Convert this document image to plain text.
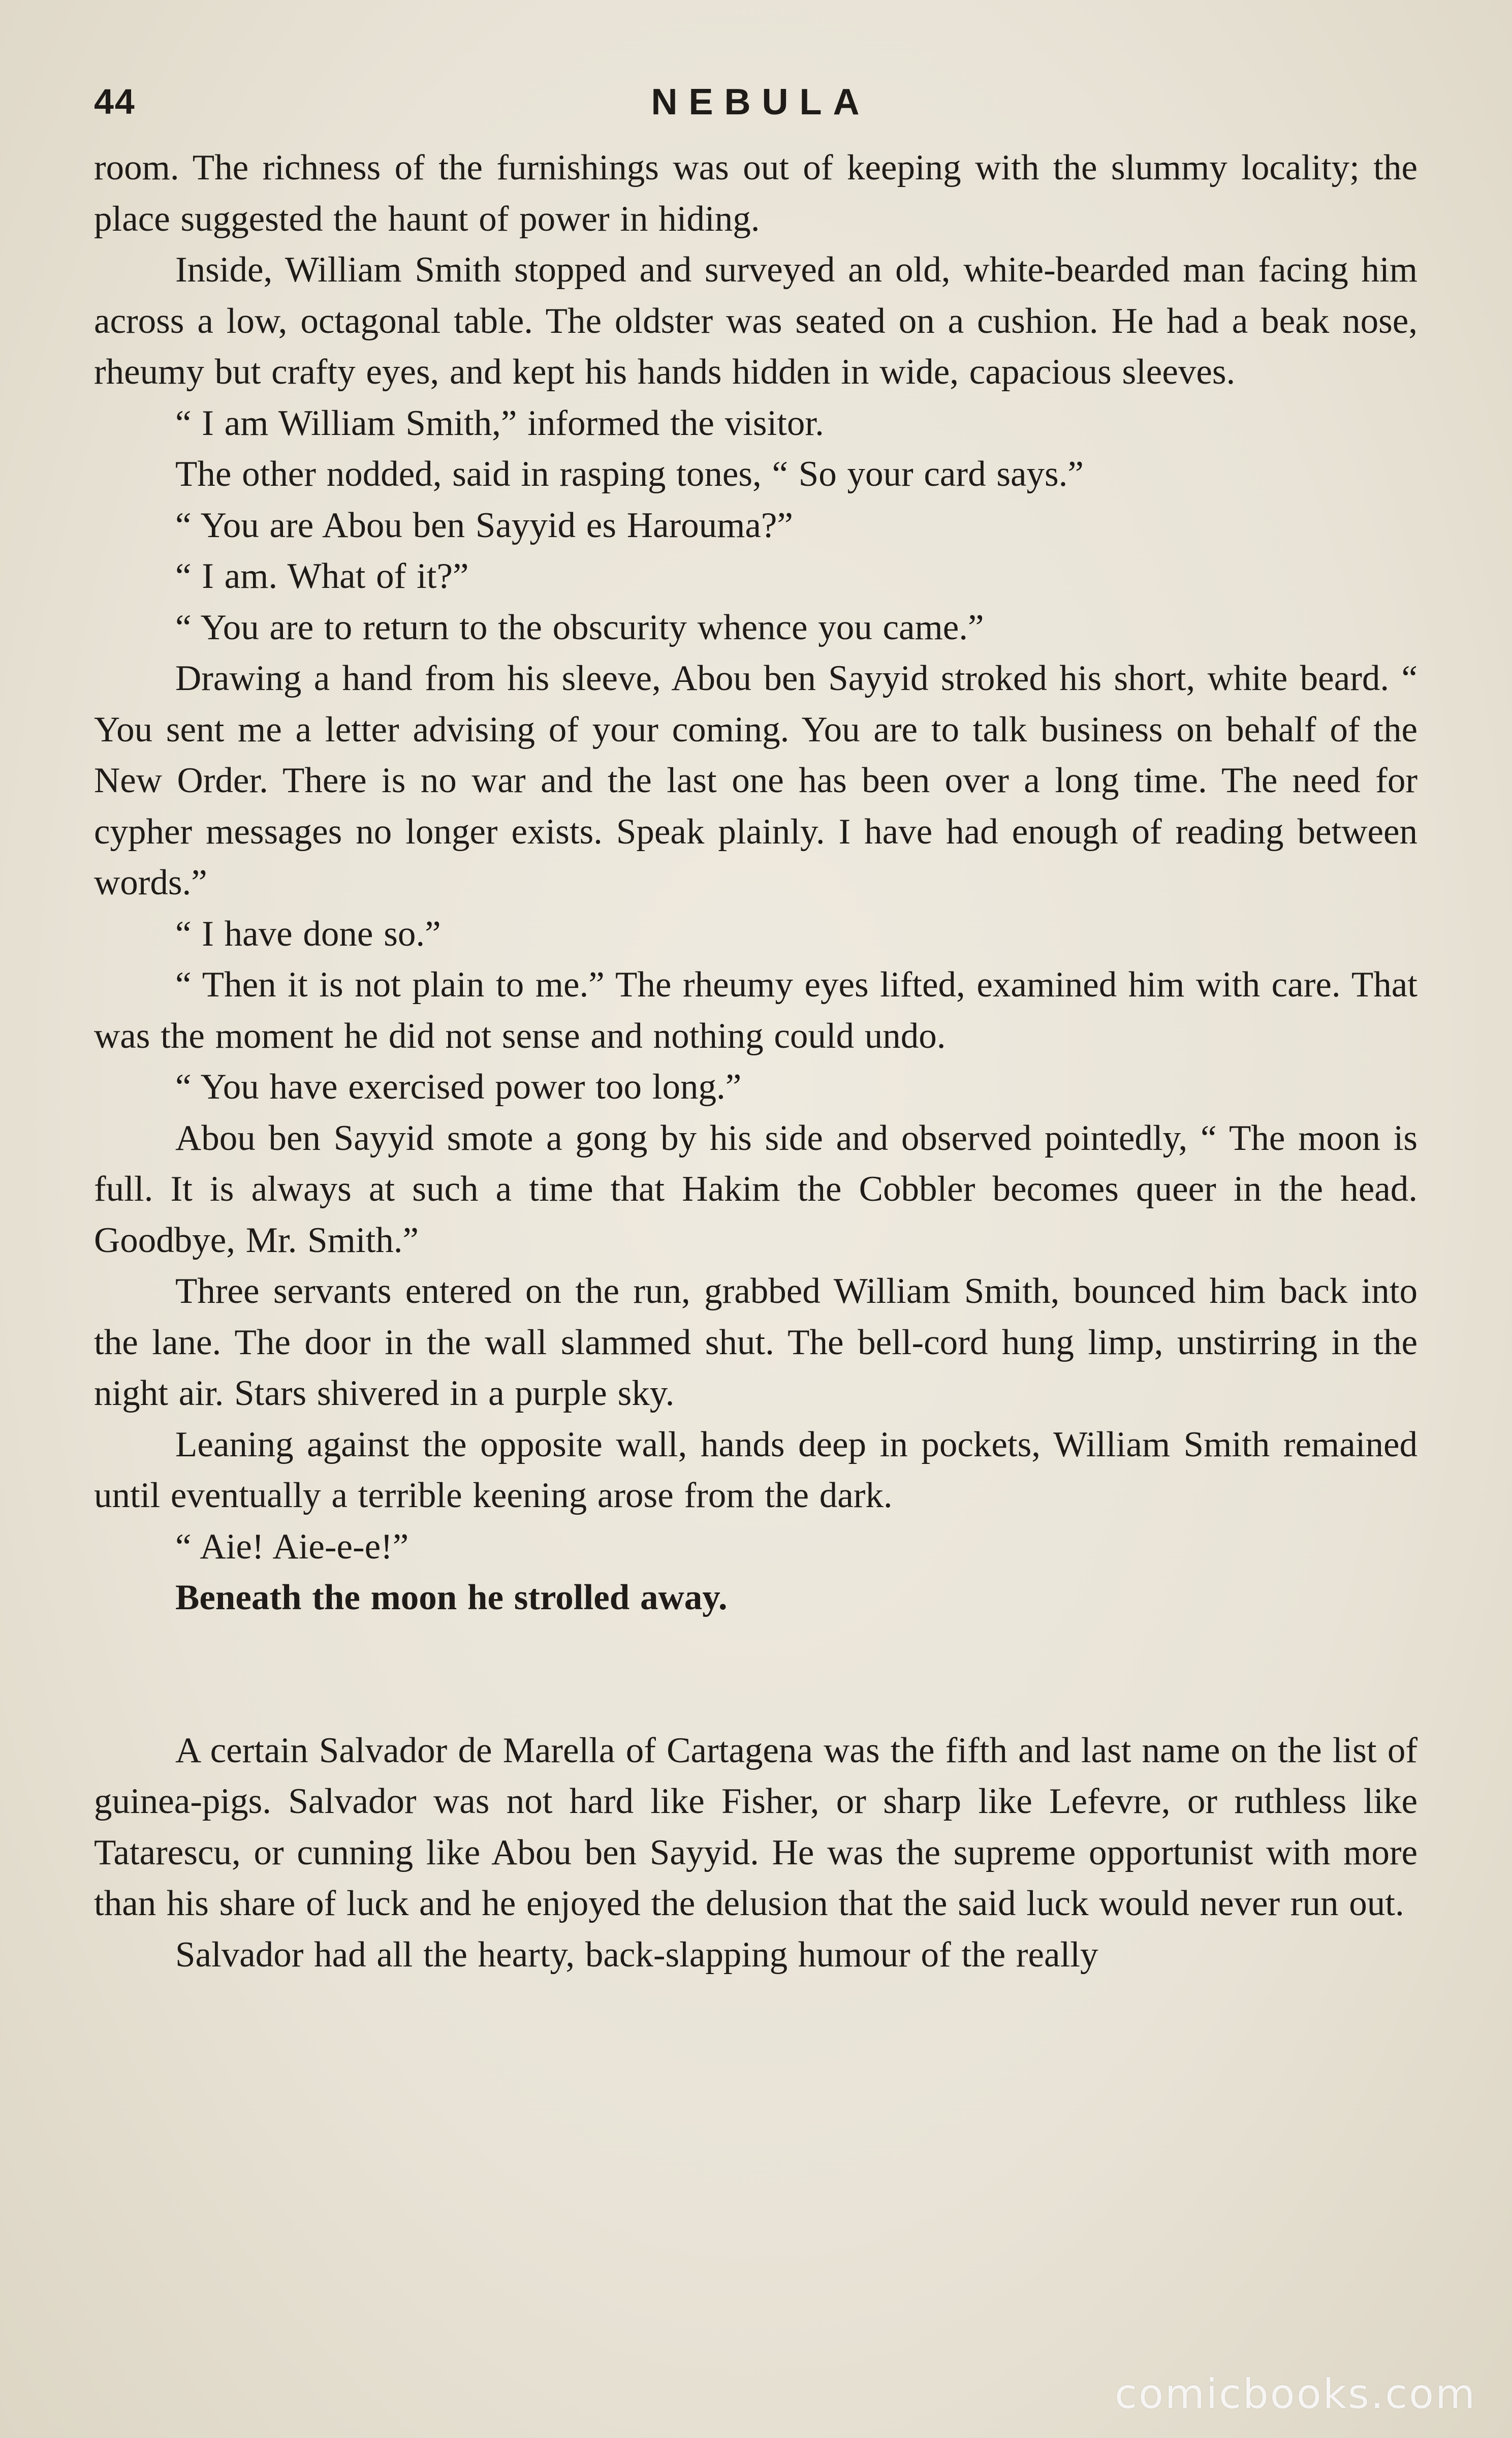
44	NEBULA

room. The richness of the furnishings was out of keeping with the slummy locality; the place suggested the haunt of power in hiding.

Inside, William Smith stopped and surveyed an old, white-bearded man facing him across a low, octagonal table. The oldster was seated on a cushion. He had a beak nose, rheumy but crafty eyes, and kept his hands hidden in wide, capacious sleeves.

“ I am William Smith,” informed the visitor.

The other nodded, said in rasping tones, “ So your card says.”

“ You are Abou ben Sayyid es Harouma?”

“ I am. What of it?”

“ You are to return to the obscurity whence you came.”

Drawing a hand from his sleeve, Abou ben Sayyid stroked his short, white beard. “ You sent me a letter advising of your coming. You are to talk business on behalf of the New Order. There is no war and the last one has been over a long time. The need for cypher messages no longer exists. Speak plainly. I have had enough of reading between words.”

“ I have done so.”

“ Then it is not plain to me.” The rheumy eyes lifted, examined him with care. That was the moment he did not sense and nothing could undo.

“ You have exercised power too long.”

Abou ben Sayyid smote a gong by his side and observed pointedly, “ The moon is full. It is always at such a time that Hakim the Cobbler becomes queer in the head. Goodbye, Mr. Smith.”

Three servants entered on the run, grabbed William Smith, bounced him back into the lane. The door in the wall slammed shut. The bell-cord hung limp, unstirring in the night air. Stars shivered in a purple sky.

Leaning against the opposite wall, hands deep in pockets, William Smith remained until eventually a terrible keening arose from the dark.

“ Aie! Aie-e-e!”

Beneath the moon he strolled away.

A certain Salvador de Marella of Cartagena was the fifth and last name on the list of guinea-pigs. Salvador was not hard like Fisher, or sharp like Lefevre, or ruthless like Tatarescu, or cunning like Abou ben Sayyid. He was the supreme opportunist with more than his share of luck and he enjoyed the delusion that the said luck would never run out.

Salvador had all the hearty, back-slapping humour of the really

comicbooks.com
